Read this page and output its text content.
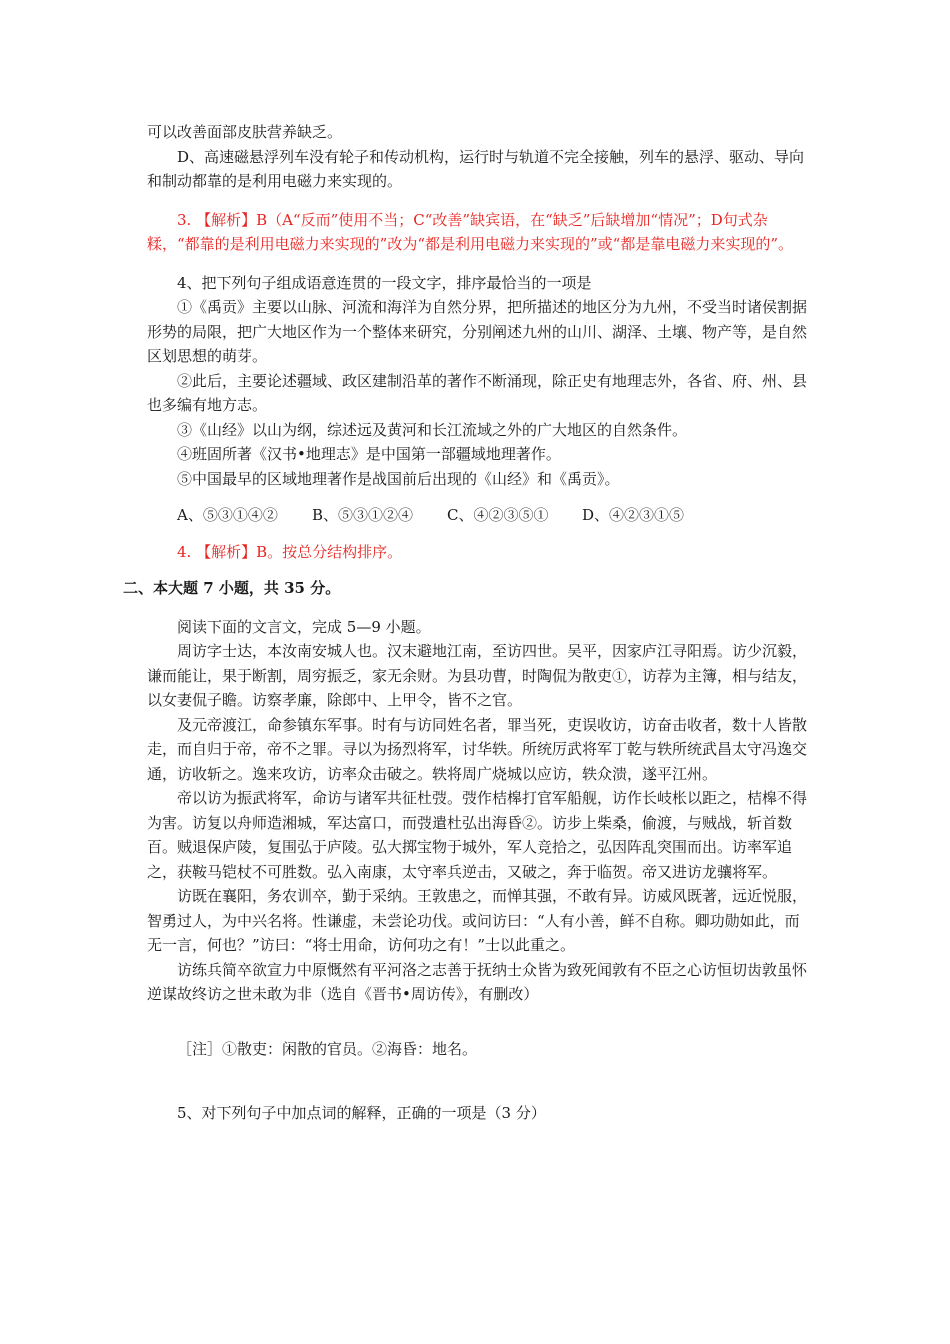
可以改善面部皮肤营养缺乏。

D、高速磁悬浮列车没有轮子和传动机构，运行时与轨道不完全接触，列车的悬浮、驱动、导向和制动都靠的是利用电磁力来实现的。

3. 【解析】B（A“反而”使用不当；C“改善”缺宾语，在“缺乏”后缺增加“情况”；D句式杂糅，“都靠的是利用电磁力来实现的”改为“都是利用电磁力来实现的”或“都是靠电磁力来实现的”。

4、把下列句子组成语意连贯的一段文字，排序最恰当的一项是

①《禹贡》主要以山脉、河流和海洋为自然分界，把所描述的地区分为九州，不受当时诸侯割据形势的局限，把广大地区作为一个整体来研究，分别阐述九州的山川、湖泽、土壤、物产等，是自然区划思想的萌芽。

②此后，主要论述疆域、政区建制沿革的著作不断涌现，除正史有地理志外，各省、府、州、县也多编有地方志。

③《山经》以山为纲，综述远及黄河和长江流域之外的广大地区的自然条件。

④班固所著《汉书•地理志》是中国第一部疆域地理著作。

⑤中国最早的区域地理著作是战国前后出现的《山经》和《禹贡》。

A、⑤③①④②	B、⑤③①②④	C、④②③⑤①	D、④②③①⑤

4. 【解析】B。按总分结构排序。

二、本大题 7 小题，共 35 分。

阅读下面的文言文，完成 5—9 小题。

周访字士达，本汝南安城人也。汉末避地江南，至访四世。吴平，因家庐江寻阳焉。访少沉毅，谦而能让，果于断割，周穷振乏，家无余财。为县功曹，时陶侃为散吏①，访荐为主簿，相与结友，以女妻侃子瞻。访察孝廉，除郎中、上甲令，皆不之官。

及元帝渡江，命参镇东军事。时有与访同姓名者，罪当死，吏误收访，访奋击收者，数十人皆散走，而自归于帝，帝不之罪。寻以为扬烈将军，讨华轶。所统厉武将军丁乾与轶所统武昌太守冯逸交通，访收斩之。逸来攻访，访率众击破之。轶将周广烧城以应访，轶众溃，遂平江州。

帝以访为振武将军，命访与诸军共征杜弢。弢作桔槔打官军船舰，访作长岐枨以距之，桔槔不得为害。访复以舟师造湘城，军达富口，而弢遣杜弘出海昏②。访步上柴桑，偷渡，与贼战，斩首数百。贼退保庐陵，复围弘于庐陵。弘大掷宝物于城外，军人竞拾之，弘因阵乱突围而出。访率军追之，获鞍马铠杖不可胜数。弘入南康，太守率兵逆击，又破之，奔于临贺。帝又进访龙骧将军。

访既在襄阳，务农训卒，勤于采纳。王敦患之，而惮其强，不敢有异。访威风既著，远近悦服，智勇过人，为中兴名将。性谦虚，未尝论功伐。或问访曰：“人有小善，鲜不自称。卿功勋如此，而无一言，何也？”访曰：“将士用命，访何功之有！”士以此重之。

访练兵简卒欲宣力中原慨然有平河洛之志善于抚纳士众皆为致死闻敦有不臣之心访恒切齿敦虽怀逆谋故终访之世未敢为非（选自《晋书•周访传》，有删改）

［注］①散吏：闲散的官员。②海昏：地名。

5、对下列句子中加点词的解释，正确的一项是（3 分）
